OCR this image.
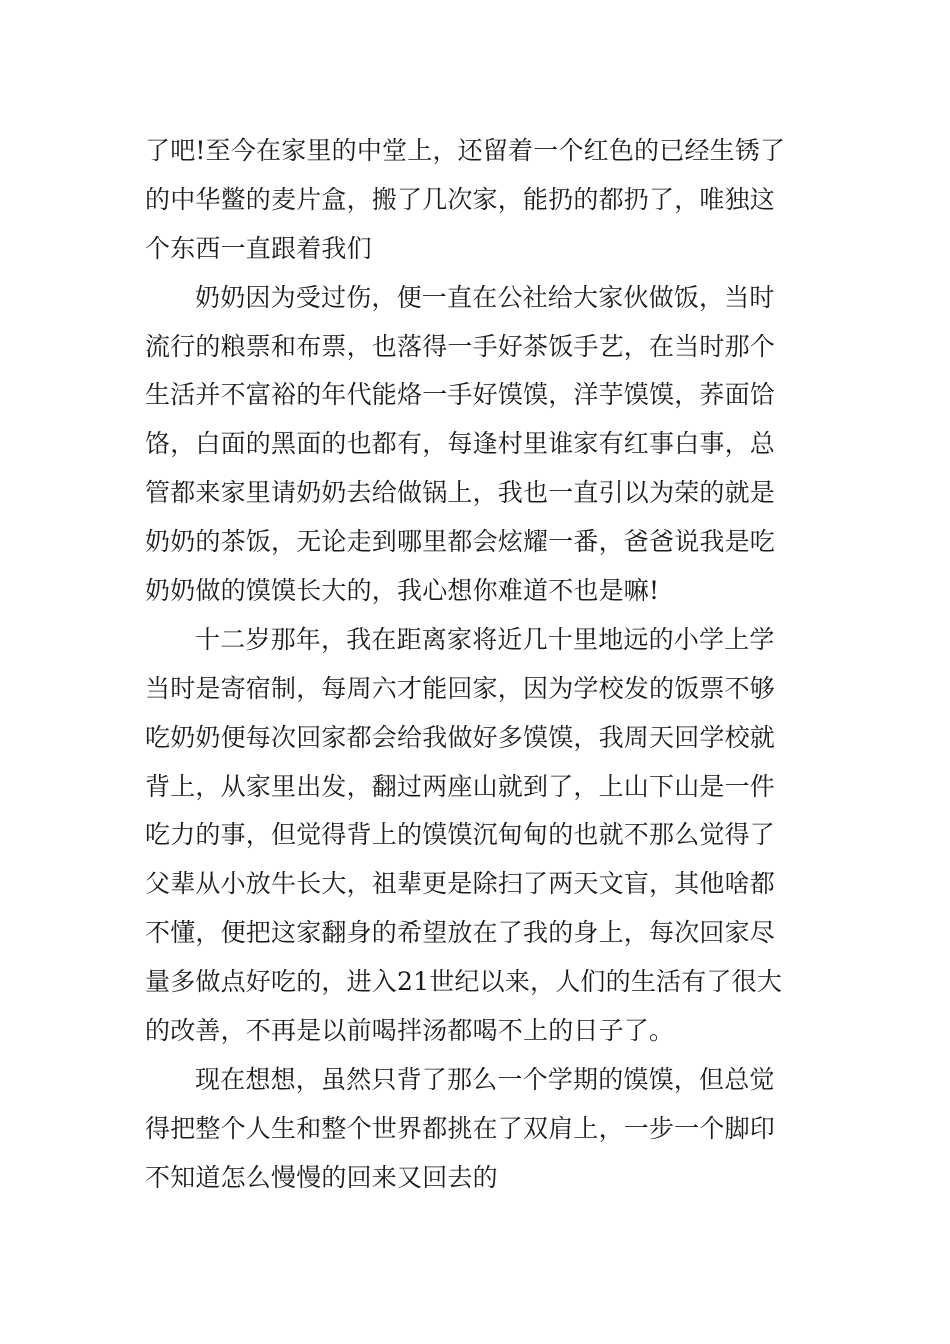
了吧!至今在家里的中堂上，还留着一个红色的已经生锈了
的中华鳖的麦片盒，搬了几次家，能扔的都扔了，唯独这
个东西一直跟着我们
奶奶因为受过伤，便一直在公社给大家伙做饭，当时
流行的粮票和布票，也落得一手好茶饭手艺，在当时那个
生活并不富裕的年代能烙一手好馍馍，洋芋馍馍，荞面饸
饹，白面的黑面的也都有，每逢村里谁家有红事白事，总
管都来家里请奶奶去给做锅上，我也一直引以为荣的就是
奶奶的茶饭，无论走到哪里都会炫耀一番，爸爸说我是吃
奶奶做的馍馍长大的，我心想你难道不也是嘛!
十二岁那年，我在距离家将近几十里地远的小学上学
当时是寄宿制，每周六才能回家，因为学校发的饭票不够
吃奶奶便每次回家都会给我做好多馍馍，我周天回学校就
背上，从家里出发，翻过两座山就到了，上山下山是一件
吃力的事，但觉得背上的馍馍沉甸甸的也就不那么觉得了
父辈从小放牛长大，祖辈更是除扫了两天文盲，其他啥都
不懂，便把这家翻身的希望放在了我的身上，每次回家尽
量多做点好吃的，进入21世纪以来，人们的生活有了很大
的改善，不再是以前喝拌汤都喝不上的日子了。
现在想想，虽然只背了那么一个学期的馍馍，但总觉
得把整个人生和整个世界都挑在了双肩上，一步一个脚印
不知道怎么慢慢的回来又回去的
